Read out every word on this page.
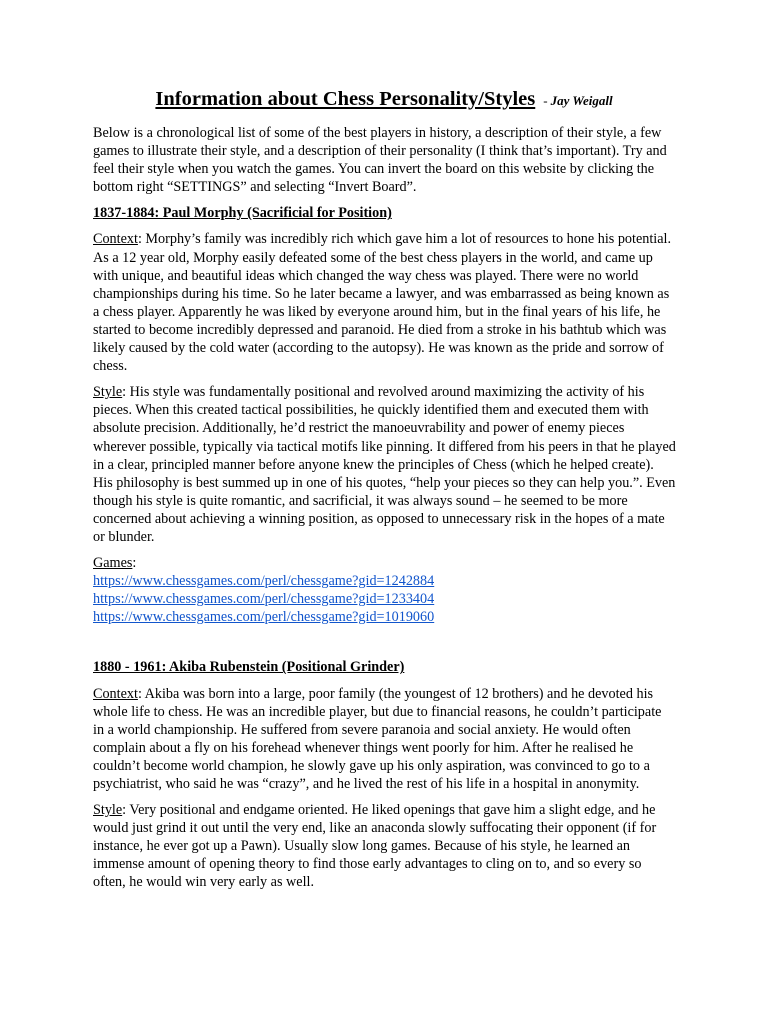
Information about Chess Personality/Styles - Jay Weigall

Below is a chronological list of some of the best players in history, a description of their style, a few games to illustrate their style, and a description of their personality (I think that’s important). Try and feel their style when you watch the games. You can invert the board on this website by clicking the bottom right “SETTINGS” and selecting “Invert Board”.

1837-1884: Paul Morphy (Sacrificial for Position)

Context: Morphy’s family was incredibly rich which gave him a lot of resources to hone his potential. As a 12 year old, Morphy easily defeated some of the best chess players in the world, and came up with unique, and beautiful ideas which changed the way chess was played. There were no world championships during his time. So he later became a lawyer, and was embarrassed as being known as a chess player. Apparently he was liked by everyone around him, but in the final years of his life, he started to become incredibly depressed and paranoid. He died from a stroke in his bathtub which was likely caused by the cold water (according to the autopsy). He was known as the pride and sorrow of chess.

Style: His style was fundamentally positional and revolved around maximizing the activity of his pieces. When this created tactical possibilities, he quickly identified them and executed them with absolute precision. Additionally, he’d restrict the manoeuvrability and power of enemy pieces wherever possible, typically via tactical motifs like pinning. It differed from his peers in that he played in a clear, principled manner before anyone knew the principles of Chess (which he helped create). His philosophy is best summed up in one of his quotes, “help your pieces so they can help you.”. Even though his style is quite romantic, and sacrificial, it was always sound – he seemed to be more concerned about achieving a winning position, as opposed to unnecessary risk in the hopes of a mate or blunder.

Games:
https://www.chessgames.com/perl/chessgame?gid=1242884
https://www.chessgames.com/perl/chessgame?gid=1233404
https://www.chessgames.com/perl/chessgame?gid=1019060

1880 - 1961: Akiba Rubenstein (Positional Grinder)

Context: Akiba was born into a large, poor family (the youngest of 12 brothers) and he devoted his whole life to chess. He was an incredible player, but due to financial reasons, he couldn’t participate in a world championship. He suffered from severe paranoia and social anxiety. He would often complain about a fly on his forehead whenever things went poorly for him. After he realised he couldn’t become world champion, he slowly gave up his only aspiration, was convinced to go to a psychiatrist, who said he was “crazy”, and he lived the rest of his life in a hospital in anonymity.

Style: Very positional and endgame oriented. He liked openings that gave him a slight edge, and he would just grind it out until the very end, like an anaconda slowly suffocating their opponent (if for instance, he ever got up a Pawn). Usually slow long games. Because of his style, he learned an immense amount of opening theory to find those early advantages to cling on to, and so every so often, he would win very early as well.
